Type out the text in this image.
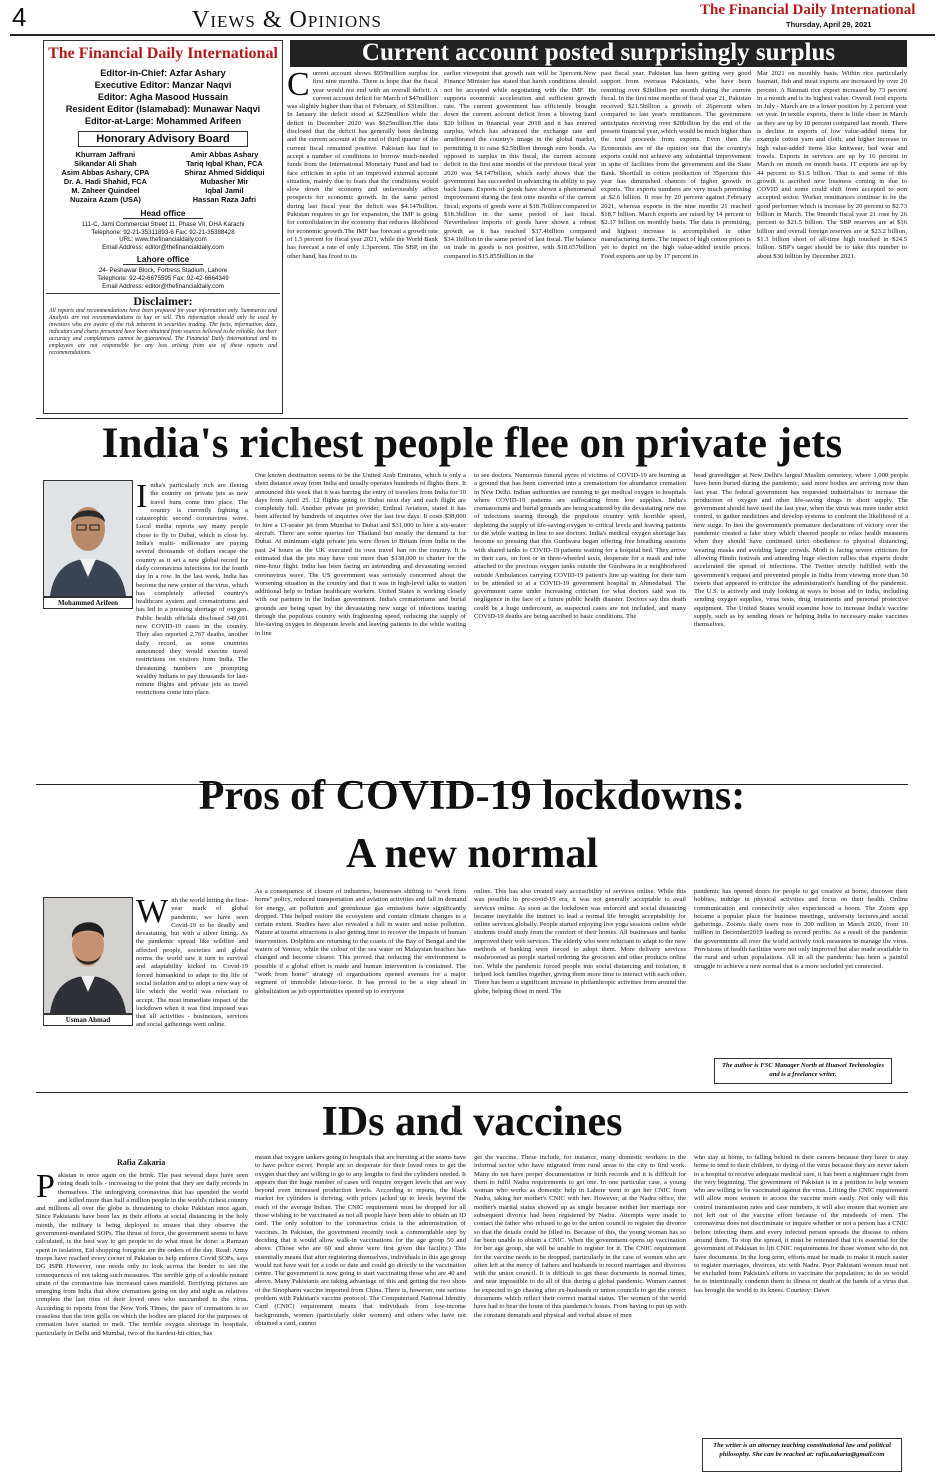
4	Views & Opinions	The Financial Daily International
Thursday, April 29, 2021
The Financial Daily International
Editor-in-Chief: Azfar Ashary
Executive Editor: Manzar Naqvi
Editor: Agha Masood Hussain
Resident Editor (Islamabad): Munawar Naqvi
Editor-at-Large: Mohammed Arifeen
Honorary Advisory Board
Khurram Jaffrani
Sikandar Ali Shah
Asim Abbas Ashary, CPA
Dr. A. Hadi Shahid, FCA
M. Zaheer Quindeel
Nuzaira Azam (USA)
Amir Abbas Ashary
Tariq Iqbal Khan, FCA
Shiraz Ahmed Siddiqui
Mubasher Mir
Iqbal Jamil
Hassan Raza Jafri
Head office
111-C, Jami Commercial Street 11, Phase VII, DHA Karachi
Telephone: 92-21-35311893-6 Fax: 92-21-35388428
URL: www.thefinancialdaily.com
Email Address: editor@thefinancialdaily.com
Lahore office
24- Peshawar Block, Fortress Stadium, Lahore
Telephone: 92-42-6675595 Fax: 92-42-6664349
Email Address: editor@thefinancialdaily.com
Disclaimer:
All reports and recommendations have been prepared for your information only. Summaries and Analysis are not recommendations to buy or sell. This information should only be used by investors who are aware of the risk inherent in securities trading. The facts, information, data, indicators and charts presented have been obtained from sources believed to be reliable, but their accuracy and completeness cannot be guaranteed. The Financial Daily International and its employees are not responsible for any loss arising from use of these reports and recommendations.
Current account posted surprisingly surplus

Current account shows $959million surplus for first nine months. There is hope that the fiscal year would not end with an overall deficit. A current account deficit for March of $47million was slightly higher than that of February, of $31million. In January the deficit stood at $229million while the deficit in December 2020 was $625million.The data disclosed that the deficit has generally been declining and the current account at the end of third quarter of the current fiscal remained positive. Pakistan has had to accept a number of conditions to borrow much-needed funds from the International Monetary Fund and had to face criticism in spite of an improved external account situation, mainly due to fears that the conditions would slow down the economy and unfavourably affect prospects for economic growth. In the same period during last fiscal year the deficit was $4.147billion. Pakistan requires to go for expansion, the IMF is going for consolidation in the economy that reduces likelihood for economic growth.The IMF has forecast a growth rate of 1.5 percent for fiscal year 2021, while the World Bank has forecast a rate of only 1.3percent. The SBP, on the other hand, has fixed to its

earlier viewpoint that growth rate will be 3percent.New Finance Minister has stated that harsh conditions should not be accepted while negotiating with the IMF. He supports economic acceleration and sufficient growth rate. The current government has efficiently brought down the current account deficit from a blowing hard $20 billion in financial year 2018 and it has entered surplus, which has advanced the exchange rate and ameliorated the country's image in the global market, permitting it to raise $2.5billion through euro bonds. As opposed to surplus in this fiscal, the current account deficit in the first nine months of the previous fiscal year 2020 was $4.147billion, which early shows that the government has succeeded in advancing its ability to pay back loans. Exports of goods have shown a phenomenal improvement during the first nine months of the current fiscal; exports of goods were at $18.7billion compared to $18.3billion in the same period of last fiscal. Nevertheless imports of goods have shown a robust growth as it has reached $37.4billion compared $34.1billion in the same period of last fiscal. The balance on trade in goods is not positive, with $18.657billion compared to $15.855billion in the

past fiscal year. Pakistan has been getting very good support from overseas Pakistanis, who have been remitting over $2billion per month during the current fiscal. In the first nine months of fiscal year 21, Pakistan received $21.5billion a growth of 26percent when compared to last year's remittances. The government anticipates receiving over $28billion by the end of the present financial year, which would be much higher than the total proceeds from exports. Even then the Economists are of the opinion out that the country's exports could not achieve any substantial improvement in spite of facilities from the government and the State Bank. Shortfall in cotton production of 35percent this year has diminished chances of higher growth in exports. The exports numbers are very much promising at $2.6 billion. It rose by 20 percent against February 2021, whereas exports in the nine months 21 reached $18.7 billion. March exports are raised by 14 percent to $2.37 billion on monthly basis. The data is promising, and highest increase is accomplished in other manufacturing items. The impact of high cotton prices is yet to depict on the high value-added textile prices. Food exports are up by 17 percent in

Mar 2021 on monthly basis. Within rice particularly basmati, fish and meat exports are increased by over 20 percent. A Basmati rice export increased by 73 percent in a month and is its highest value. Overall food exports in July - March are in a lower position by 2 percent year on year. In textile exports, there is little cheer in March as they are up by 10 percent compared last month. There is decline in exports of low value-added items for example cotton yarn and cloth; and higher increase in high value-added items like knitwear, bed wear and towels. Exports in services are up by 16 percent in March on month on month basis. IT exports are up by 44 percent to $1.5 billion. That is and some of this growth is ascribed new business coming in due to COVID and some could shift from accepted to non accepted sector. Worker remittances continue to be the good performer which is increase by 20 percent to $2.73 billion in March. The 9month fiscal year 21 rose by 26 percent to $21.5 billion. The SBP reserves are at $16 billion and overall foreign reserves are at $23.2 billion, $1.3 billion short of all-time high touched in $24.5 billion. SBP's target should be to take this number to about $30 billion by December 2021.

India's richest people flee on private jets
Mohammed Arifeen

India's particularly rich are fleeing the country on private jets as new travel bans come into place. The country is currently fighting a catastrophic second coronavirus wave. Local media reports say many people chose to fly to Dubai, which is close by. India's multi- millionaire are paying several thousands of dollars escape the country as it set a new global record for daily coronavirus infections for the fourth day in a row. In the last week, India has become the new center of the virus, which has completely affected country's healthcare system and crematoriums and has led to a pressing shortage of oxygen. Public health officials disclosed 349,691 new COVID-19 cases in the country. They also reported 2,767 deaths, another daily record, as some countries announced they would execute travel restrictions on visitors from India. The threatening numbers are prompting wealthy Indians to pay thousands for last-minute flights and private jets as travel restrictions come into place.

One known destination seems to be the United Arab Emirates, which is only a short distance away from India and usually operates hundreds of flights there. It announced this week that it was barring the entry of travelers from India for 10 days from April 25. 12 flights going to Dubai next day and each flight are completely full. Another private jet provider, Enthral Aviation, stated it has been affected by hundreds of inquiries over the last few days. It costs $38,000 to hire a 13-seater jet from Mumbai to Dubai and $31,000 to hire a six-seater aircraft. There are some queries for Thailand but mostly the demand is for Dubai. At minimum eight private jets were flown to Britain from India in the past 24 hours as the UK executed its own travel ban on the country. It is estimated that the jets may have cost more than $138,000 to charter for the nine-hour flight. India has been facing an astounding and devastating second coronavirus wave. The US government was seriously concerned about the worsening situation in the country and that it was in high-level talks to station additional help to Indian healthcare workers. United States is working closely with our partners in the Indian government. India's crematoriums and burial grounds are being upset by the devastating new surge of infections tearing through the populous country with frightening speed, reducing the supply of life-saving oxygen to desperate levels and leaving patients to die while waiting in line

to see doctors. Numerous funeral pyres of victims of COVID-19 are burning at a ground that has been converted into a crematorium for abundance cremation in New Delhi. Indian authorities are running to get medical oxygen to hospitals where COVID-19 patients are suffocating from low supplies. India's crematoriums and burial grounds are being scattered by the devastating new rise of infections tearing through the populous country with horrible speed, depleting the supply of life-saving oxygen to critical levels and leaving patients to die while waiting in line to see doctors. India's medical oxygen shortage has become so pressing that this Gurdwara began offering free breathing sessions with shared tanks to COVID-19 patients waiting for a hospital bed. They arrive in their cars, on foot or in three-wheeled taxis, desperate for a mask and tube attached to the precious oxygen tanks outside the Gurdwara in a neighborhood outside Ambulances carrying COVID-19 patient's line up waiting for their turn to be attended to at a COVID-19 government hospital in Ahmedabad. The government came under increasing criticism for what doctors said was its negligence in the face of a future public health disaster. Doctors say this death could be a huge undercount, as suspected cases are not included, and many COVID-19 deaths are being ascribed to basic conditions. The

head gravedigger at New Delhi's largest Muslim cemetery, where 1,000 people have been buried during the pandemic, said more bodies are arriving now than last year. The federal government has requested industrialists to increase the production of oxygen and other life-saving drugs in short supply. The government should have used the last year, when the virus was more under strict control, to gather medicines and develop systems to confront the likelihood of a new surge. In lieu the government's premature declarations of victory over the pandemic created a fake story which cheered people to relax health measures when they should have continued strict obedience to physical distancing, wearing masks and avoiding large crowds. Modi is facing severe criticism for allowing Hindu festivals and attending huge election rallies that experts doubt accelerated the spread of infections. The Twitter strictly fulfilled with the government's request and prevented people in India from viewing more than 50 tweets that appeared to criticize the administration's handling of the pandemic. The U.S. is actively and truly looking at ways to boost aid to India, including sending oxygen supplies, virus tests, drug treatments and personal protective equipment. The United States would examine how to increase India's vaccine supply, such as by sending doses or helping India to necessary make vaccines themselves.

Pros of COVID-19 lockdowns:
A new normal
Usman Ahmad

With the world hitting the first-year mark of global pandemic, we have seen Covid-19 to be deadly and devastating, but with a silver lining. As the pandemic spread like wildfire and affected people, societies and global norms the world saw it turn to survival and adaptability kicked in. Covid-19 forced humankind to adapt to the life of social isolation and to adopt a new way of life which the world was reluctant to accept. The most immediate impact of the lockdown when it was first imposed was that all activities - businesses, services and social gatherings went online.

As a consequence of closure of industries, businesses shifting to "work from home" policy, reduced transportation and aviation activities and fall in demand for energy, air pollution and greenhouse gas emissions have significantly dropped. This helped restore the ecosystem and contain climate changes to a certain extent. Studies have also revealed a fall in water and noise pollution. Nature at tourist attractions is also getting time to recover the impacts of human intervention. Dolphins are returning to the coasts of the Bay of Bengal and the waters of Venice, while the colour of the sea water on Malaysian beaches has changed and become clearer. This proved that reducing the environment is possible if a global effort is made and human intervention is contained. The "work from home" strategy of organisations opened avenues for a major segment of immobile labour-force. It has proved to be a step ahead in globalization as job opportunities opened up to everyone

online. This has also created easy accessibility of services online. While this was possible in pre-covid-19 era, it was not generally acceptable to avail services online. As soon as the lockdown was enforced and social distancing became inevitable the instinct to lead a normal life brought acceptability for online services globally. People started enjoying live yoga sessions online while students could study from the comfort of their homes. All businesses and banks improved their web services. The elderly who were reluctant to adapt to the new methods of banking were forced to adopt them. More delivery services mushroomed as people started ordering the groceries and other products online too. While the pandemic forced people into social distancing and isolation, it helped lock families together, giving them more time to interact with each other. There has been a significant increase in philanthropic activities from around the globe, helping those in need. The

pandemic has opened doors for people to get creative at home, discover their hobbies, indulge in physical activities and focus on their health. Online communication and connectivity also experienced a boom. The Zoom app became a popular place for business meetings, university lectures,and social gatherings. Zoom's daily users rose to 200 million in March 2020, from 10 million in December2019 leading to record profits. As a result of the pandemic the governments all over the world actively took measures to manage the virus. Provisions of health facilities were not only improved but also made available to the rural and urban populations. All in all the pandemic has been a painful struggle to achieve a new normal that is a more secluded yet connected.

The author is FSC Manager North at Huawei Technologies and is a freelance writer.
IDs and vaccines
Rafia Zakaria

Pakistan is once again on the brink. The past several days have seen rising death tolls - increasing to the point that they are daily records in themselves. The unforgiving coronavirus that has upended the world and killed more than half a million people in the world's richest country and millions all over the globe is threatening to choke Pakistan once again. Since Pakistanis have been lax in their efforts at social distancing in the holy month, the military is being deployed to ensure that they observe the government-mandated SOPs. The thrust of force, the government seems to have calculated, is the best way to get people to do what must be done: a Ramzan spent in isolation, Eid shopping foregone are the orders of the day. Read: Army troops have reached every corner of Pakistan to help enforce Covid SOPs, says DG ISPR However, one needs only to look across the border to see the consequences of not taking such measures. The terrible grip of a double mutant strain of the coronavirus has increased cases manifold. Terrifying pictures are emerging from India that show cremations going on day and night as relatives complete the last rites of their loved ones who succumbed to the virus. According to reports from the New York Times, the pace of cremations is so ceaseless that the iron grills on which the bodies are placed for the purposes of cremation have started to melt. The terrible oxygen shortage in hospitals, particularly in Delhi and Mumbai, two of the hardest-hit cities, has

meant that oxygen tankers going to hospitals that are bursting at the seams have to have police escort. People are so desperate for their loved ones to get the oxygen that they are willing to go to any lengths to find the cylinders needed. It appears that the huge number of cases will require oxygen levels that are way beyond even increased production levels. According to reports, the black market for cylinders is thriving, with prices jacked up to levels beyond the reach of the average Indian. The CNIC requirement must be dropped for all those wishing to be vaccinated as not all people have been able to obtain an ID card. The only solution to the coronavirus crisis is the administration of vaccines. In Pakistan, the government recently took a commendable step by deciding that it would allow walk-in vaccinations for the age group 50 and above. (Those who are 60 and above were first given this facility.) This essentially means that after registering themselves, individuals in this age group would not have wait for a code or date and could go directly to the vaccination centre. The government is now going to start vaccinating those who are 40 and above. Many Pakistanis are taking advantage of this and getting the two shots of the Sinopharm vaccine imported from China. There is, however, one serious problem with Pakistan's vaccine protocol. The Computerised National Identity Card (CNIC) requirement means that individuals from low-income backgrounds, women (particularly older women) and others who have not obtained a card, cannot

get the vaccine. These include, for instance, many domestic workers in the informal sector who have migrated from rural areas to the city to find work. Many do not have proper documentation or birth records and it is difficult for them to fulfil Nadra requirements to get one. In one particular case, a young woman who works as domestic help in Lahore went to get her CNIC from Nadra, taking her mother's CNIC with her. However, at the Nadra office, the mother's marital status showed up as single because neither her marriage nor subsequent divorce had been registered by Nadra. Attempts were made to contact the father who refused to go to the union council to register the divorce so that the details could be filled in. Because of this, the young woman has so far been unable to obtain a CNIC. When the government opens up vaccination for her age group, she will be unable to register for it. The CNIC requirement for the vaccine needs to be dropped, particularly in the case of women who are often left at the mercy of fathers and husbands to record marriages and divorces with the union council. It is difficult to get these documents in normal times, and near impossible to do all of this during a global pandemic. Women cannot be expected to go chasing after ex-husbands or union councils to get the correct documents which reflect their correct marital status. The women of the world have had to bear the brunt of this pandemic's losses. From having to put up with the constant demands and physical and verbal abuse of men

who stay at home, to falling behind in their careers because they have to stay home to tend to their children, to dying of the virus because they are never taken to a hospital to receive adequate medical care, it has been a nightmare right from the very beginning. The government of Pakistan is in a position to help women who are willing to be vaccinated against the virus. Lifting the CNIC requirement will allow more women to access the vaccine more easily. Not only will this control transmission rates and case numbers, it will also ensure that women are not left out of the vaccine effort because of the misdeeds of men. The coronavirus does not discriminate or inquire whether or not a person has a CNIC before infecting them and every infected person spreads the disease to others around them. To stop the spread, it must be reiterated that it is essential for the government of Pakistan to lift CNIC requirements for those women who do not have documents. In the long term, efforts must be made to make it much easier to register marriages, divorces, etc with Nadra. Poor Pakistani women must not be excluded from Pakistan's efforts to vaccinate the population; to do so would be to intentionally condemn them to illness or death at the hands of a virus that has brought the world to its knees. Courtesy: Dawn

The writer is an attorney teaching constitutional law and political philosophy. She can be reached at: rafia.zakaria@gmail.com
